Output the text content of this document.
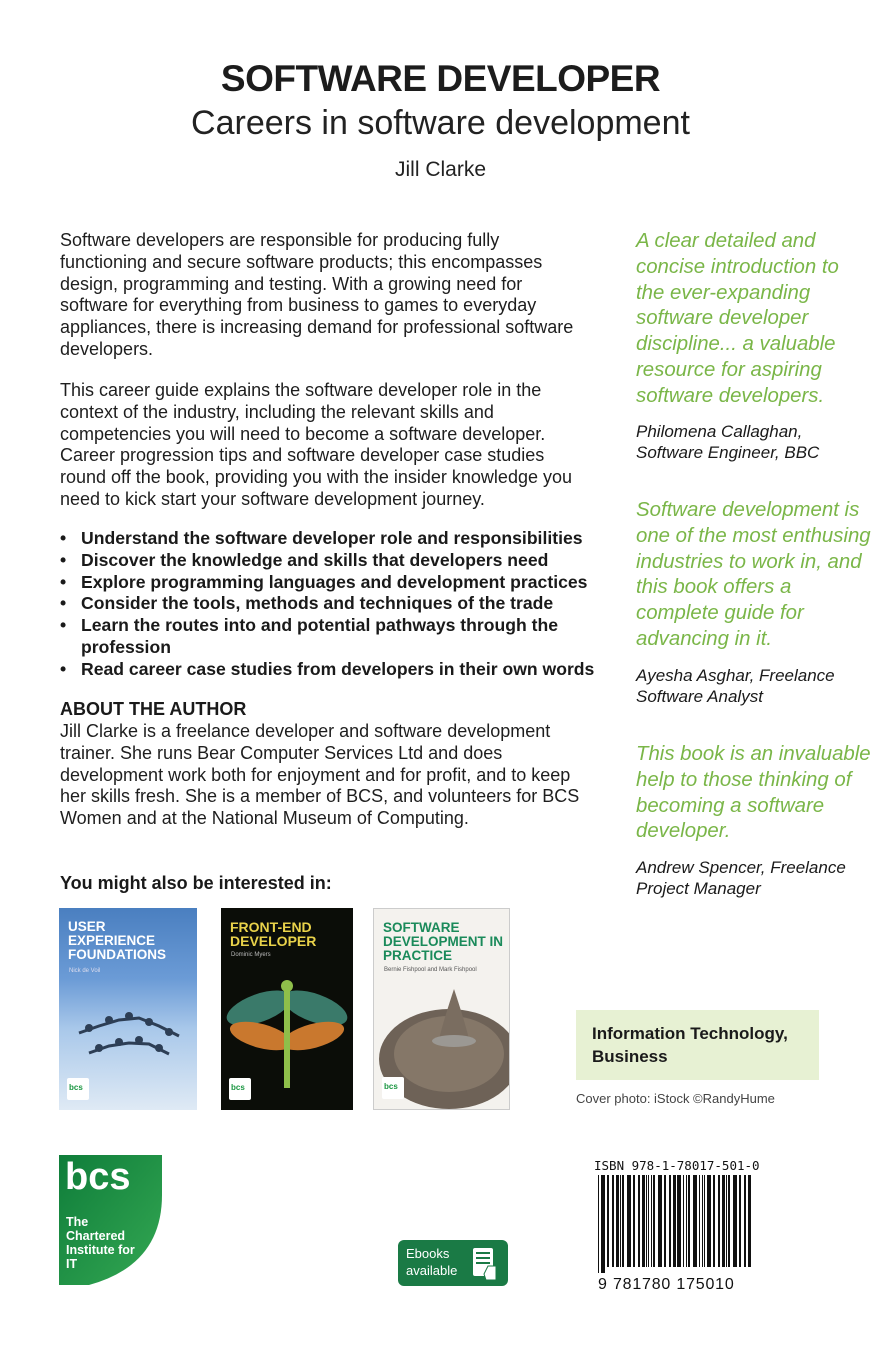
SOFTWARE DEVELOPER
Careers in software development
Jill Clarke
Software developers are responsible for producing fully functioning and secure software products; this encompasses design, programming and testing. With a growing need for software for everything from business to games to everyday appliances, there is increasing demand for professional software developers.
This career guide explains the software developer role in the context of the industry, including the relevant skills and competencies you will need to become a software developer. Career progression tips and software developer case studies round off the book, providing you with the insider knowledge you need to kick start your software development journey.
• Understand the software developer role and responsibilities
• Discover the knowledge and skills that developers need
• Explore programming languages and development practices
• Consider the tools, methods and techniques of the trade
• Learn the routes into and potential pathways through the profession
• Read career case studies from developers in their own words
ABOUT THE AUTHOR
Jill Clarke is a freelance developer and software development trainer. She runs Bear Computer Services Ltd and does development work both for enjoyment and for profit, and to keep her skills fresh. She is a member of BCS, and volunteers for BCS Women and at the National Museum of Computing.
You might also be interested in:
USER EXPERIENCE FOUNDATIONS
Nick de Voil
bcs
FRONT-END DEVELOPER
Dominic Myers
bcs
SOFTWARE DEVELOPMENT IN PRACTICE
Bernie Fishpool and Mark Fishpool
bcs
A clear detailed and concise introduction to the ever-expanding software developer discipline... a valuable resource for aspiring software developers.
Philomena Callaghan, Software Engineer, BBC
Software development is one of the most enthusing industries to work in, and this book offers a complete guide for advancing in it.
Ayesha Asghar, Freelance Software Analyst
This book is an invaluable help to those thinking of becoming a software developer.
Andrew Spencer, Freelance Project Manager
Information Technology, Business
Cover photo: iStock ©RandyHume
ISBN 978-1-78017-501-0
9 781780 175010
bcs
The Chartered Institute for IT
Ebooks available
